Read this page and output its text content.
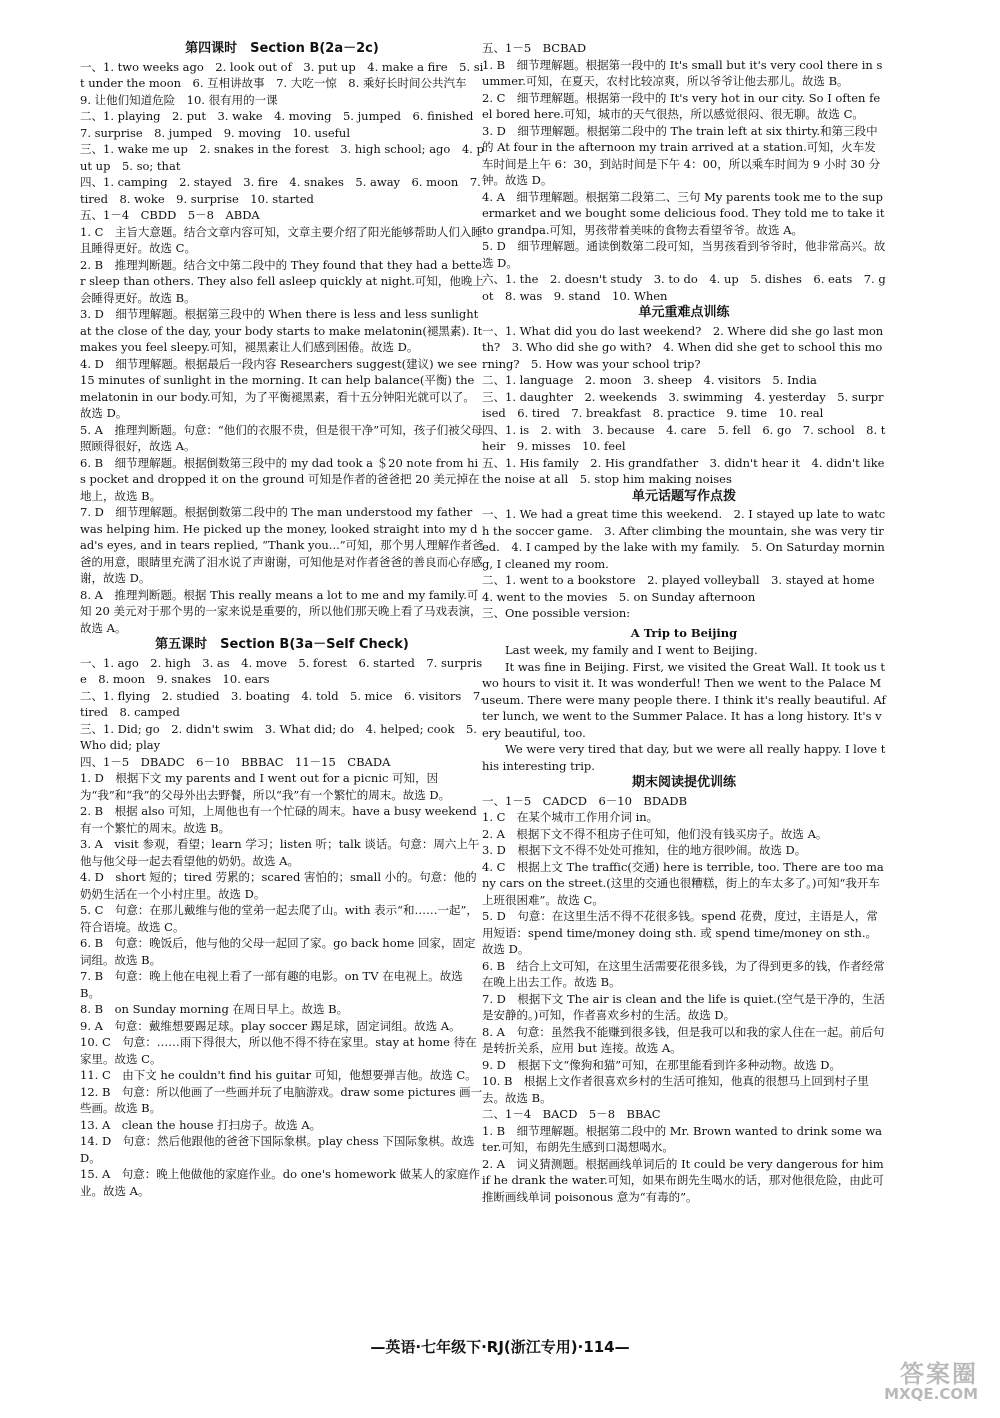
第四课时　Section B(2a－2c)
一、1. two weeks ago　2. look out of　3. put up　4. make a fire　5. sit under the moon　6. 互相讲故事　7. 大吃一惊　8. 乘好长时间公共汽车　9. 让他们知道危险　10. 很有用的一课
二、1. playing　2. put　3. wake　4. moving　5. jumped　6. finished　7. surprise　8. jumped　9. moving　10. useful
三、1. wake me up　2. snakes in the forest　3. high school; ago　4. put up　5. so; that
四、1. camping　2. stayed　3. fire　4. snakes　5. away　6. moon　7. tired　8. woke　9. surprise　10. started
五、1－4　CBDD　5－8　ABDA
1. C　主旨大意题。结合文章内容可知，文章主要介绍了阳光能够帮助人们入睡且睡得更好。故选 C。
2. B　推理判断题。结合文中第二段中的 They found that they had a better sleep than others. They also fell asleep quickly at night.可知，他晚上会睡得更好。故选 B。
3. D　细节理解题。根据第三段中的 When there is less and less sunlight at the close of the day, your body starts to make melatonin(褪黑素). It makes you feel sleepy.可知，褪黑素让人们感到困倦。故选 D。
4. D　细节理解题。根据最后一段内容 Researchers suggest(建议) we see 15 minutes of sunlight in the morning. It can help balance(平衡) the melatonin in our body.可知，为了平衡褪黑素，看十五分钟阳光就可以了。故选 D。
5. A　推理判断题。句意：“他们的衣服不贵，但是很干净”可知，孩子们被父母照顾得很好，故选 A。
6. B　细节理解题。根据倒数第三段中的 my dad took a ＄20 note from his pocket and dropped it on the ground 可知是作者的爸爸把 20 美元掉在地上，故选 B。
7. D　细节理解题。根据倒数第二段中的 The man understood my father was helping him. He picked up the money, looked straight into my dad's eyes, and in tears replied, “Thank you...”可知，那个男人理解作者爸爸的用意，眼睛里充满了泪水说了声谢谢，可知他是对作者爸爸的善良而心存感谢，故选 D。
8. A　推理判断题。根据 This really means a lot to me and my family.可知 20 美元对于那个男的一家来说是重要的，所以他们那天晚上看了马戏表演，故选 A。
第五课时　Section B(3a－Self Check)
一、1. ago　2. high　3. as　4. move　5. forest　6. started　7. surprise　8. moon　9. snakes　10. ears
二、1. flying　2. studied　3. boating　4. told　5. mice　6. visitors　7. tired　8. camped
三、1. Did; go　2. didn't swim　3. What did; do　4. helped; cook　5. Who did; play
四、1－5　DBADC　6－10　BBBAC　11－15　CBADA
1. D　根据下文 my parents and I went out for a picnic 可知，因为“我”和“我”的父母外出去野餐，所以“我”有一个繁忙的周末。故选 D。
2. B　根据 also 可知，上周他也有一个忙碌的周末。have a busy weekend 有一个繁忙的周末。故选 B。
3. A　visit 参观，看望；learn 学习；listen 听；talk 谈话。句意：周六上午他与他父母一起去看望他的奶奶。故选 A。
4. D　short 短的；tired 劳累的；scared 害怕的；small 小的。句意：他的奶奶生活在一个小村庄里。故选 D。
5. C　句意：在那儿戴维与他的堂弟一起去爬了山。with 表示“和……一起”，符合语境。故选 C。
6. B　句意：晚饭后，他与他的父母一起回了家。go back home 回家，固定词组。故选 B。
7. B　句意：晚上他在电视上看了一部有趣的电影。on TV 在电视上。故选 B。
8. B　on Sunday morning 在周日早上。故选 B。
9. A　句意：戴维想要踢足球。play soccer 踢足球，固定词组。故选 A。
10. C　句意：……雨下得很大，所以他不得不待在家里。stay at home 待在家里。故选 C。
11. C　由下文 he couldn't find his guitar 可知，他想要弹吉他。故选 C。
12. B　句意：所以他画了一些画并玩了电脑游戏。draw some pictures 画一些画。故选 B。
13. A　clean the house 打扫房子。故选 A。
14. D　句意：然后他跟他的爸爸下国际象棋。play chess 下国际象棋。故选 D。
15. A　句意：晚上他做他的家庭作业。do one's homework 做某人的家庭作业。故选 A。
五、1－5　BCBAD
1. B　细节理解题。根据第一段中的 It's small but it's very cool there in summer.可知，在夏天，农村比较凉爽，所以爷爷让他去那儿。故选 B。
2. C　细节理解题。根据第一段中的 It's very hot in our city. So I often feel bored here.可知，城市的天气很热，所以感觉很闷、很无聊。故选 C。
3. D　细节理解题。根据第二段中的 The train left at six thirty.和第三段中的 At four in the afternoon my train arrived at a station.可知，火车发车时间是上午 6：30，到站时间是下午 4：00，所以乘车时间为 9 小时 30 分钟。故选 D。
4. A　细节理解题。根据第二段第二、三句 My parents took me to the supermarket and we bought some delicious food. They told me to take it to grandpa.可知，男孩带着美味的食物去看望爷爷。故选 A。
5. D　细节理解题。通读倒数第二段可知，当男孩看到爷爷时，他非常高兴。故选 D。
六、1. the　2. doesn't study　3. to do　4. up　5. dishes　6. eats　7. got　8. was　9. stand　10. When
单元重难点训练
一、1. What did you do last weekend?　2. Where did she go last month?　3. Who did she go with?　4. When did she get to school this morning?　5. How was your school trip?
二、1. language　2. moon　3. sheep　4. visitors　5. India
三、1. daughter　2. weekends　3. swimming　4. yesterday　5. surprised　6. tired　7. breakfast　8. practice　9. time　10. real
四、1. is　2. with　3. because　4. care　5. fell　6. go　7. school　8. their　9. misses　10. feel
五、1. His family　2. His grandfather　3. didn't hear it　4. didn't like the noise at all　5. stop him making noises
单元话题写作点拨
一、1. We had a great time this weekend.　2. I stayed up late to watch the soccer game.　3. After climbing the mountain, she was very tired.　4. I camped by the lake with my family.　5. On Saturday morning, I cleaned my room.
二、1. went to a bookstore　2. played volleyball　3. stayed at home　4. went to the movies　5. on Sunday afternoon
三、One possible version:
A Trip to Beijing
Last week, my family and I went to Beijing.
It was fine in Beijing. First, we visited the Great Wall. It took us two hours to visit it. It was wonderful! Then we went to the Palace Museum. There were many people there. I think it's really beautiful. After lunch, we went to the Summer Palace. It has a long history. It's very beautiful, too.
We were very tired that day, but we were all really happy. I love this interesting trip.
期末阅读提优训练
一、1－5　CADCD　6－10　BDADB
1. C　在某个城市工作用介词 in。
2. A　根据下文不得不租房子住可知，他们没有钱买房子。故选 A。
3. D　根据下文不得不处处可推知，住的地方很吵闹。故选 D。
4. C　根据上文 The traffic(交通) here is terrible, too. There are too many cars on the street.(这里的交通也很糟糕，街上的车太多了。)可知“我开车上班很困难”。故选 C。
5. D　句意：在这里生活不得不花很多钱。spend 花费，度过，主语是人，常用短语：spend time/money doing sth. 或 spend time/money on sth.。故选 D。
6. B　结合上文可知，在这里生活需要花很多钱，为了得到更多的钱，作者经常在晚上出去工作。故选 B。
7. D　根据下文 The air is clean and the life is quiet.(空气是干净的，生活是安静的。)可知，作者喜欢乡村的生活。故选 D。
8. A　句意：虽然我不能赚到很多钱，但是我可以和我的家人住在一起。前后句是转折关系，应用 but 连接。故选 A。
9. D　根据下文“像狗和猫”可知，在那里能看到许多种动物。故选 D。
10. B　根据上文作者很喜欢乡村的生活可推知，他真的很想马上回到村子里去。故选 B。
二、1－4　BACD　5－8　BBAC
1. B　细节理解题。根据第二段中的 Mr. Brown wanted to drink some water.可知，布朗先生感到口渴想喝水。
2. A　词义猜测题。根据画线单词后的 It could be very dangerous for him if he drank the water.可知，如果布朗先生喝水的话，那对他很危险，由此可推断画线单词 poisonous 意为“有毒的”。
—英语·七年级下·RJ(浙江专用)·114—
答案圈
MXQE.COM
